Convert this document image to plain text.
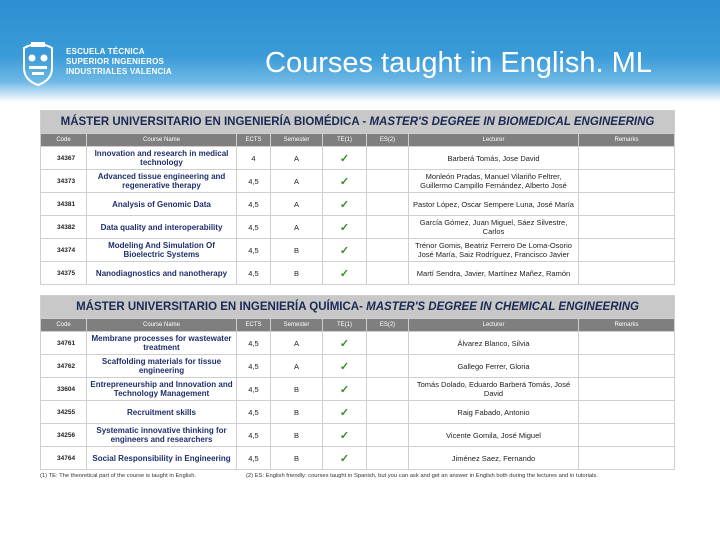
ESCUELA TÉCNICA
SUPERIOR INGENIEROS
INDUSTRIALES VALENCIA	Courses taught in English. ML
MÁSTER UNIVERSITARIO EN INGENIERÍA BIOMÉDICA - MASTER'S DEGREE IN BIOMEDICAL ENGINEERING							
Code	Course Name	ECTS	Semester	TE(1)	ES(2)	Lecturer	Remarks
34367	Innovation and research in medical technology	4	A	✓		Barberá Tomás, Jose David	
34373	Advanced tissue engineering and regenerative therapy	4,5	A	✓		Monleón Pradas, Manuel Vilariño Feltrer, Guillermo Campillo Fernández, Alberto José	
34381	Analysis of Genomic Data	4,5	A	✓		Pastor López, Oscar Sempere Luna, José María	
34382	Data quality and interoperability	4,5	A	✓		García Gómez, Juan Miguel, Sáez Silvestre, Carlos	
34374	Modeling And Simulation Of Bioelectric Systems	4,5	B	✓		Trénor Gomis, Beatriz Ferrero De Loma-Osorio José María, Saiz Rodríguez, Francisco Javier	
34375	Nanodiagnostics and nanotherapy	4,5	B	✓		Martí Sendra, Javier, Martínez Mañez, Ramón	
MÁSTER UNIVERSITARIO EN INGENIERÍA QUÍMICA- MASTER'S DEGREE IN CHEMICAL ENGINEERING							
Code	Course Name	ECTS	Semester	TE(1)	ES(2)	Lecturer	Remarks
34761	Membrane processes for wastewater treatment	4,5	A	✓		Álvarez Blanco, Silvia	
34762	Scaffolding materials for tissue engineering	4,5	A	✓		Gallego Ferrer, Gloria	
33604	Entrepreneurship and Innovation and Technology Management	4,5	B	✓		Tomás Dolado, Eduardo Barberá Tomás, José David	
34255	Recruitment skills	4,5	B	✓		Raig Fabado, Antonio	
34256	Systematic innovative thinking for engineers and researchers	4,5	B	✓		Vicente Gomila, José Miguel	
34764	Social Responsibility in Engineering	4,5	B	✓		Jiménez Saez, Fernando	
(1) TE: The theoretical part of the course is taught in English.	(2) ES: English friendly: courses taught in Spanish, but you can ask and get an answer in English both during the lectures and in tutorials.
